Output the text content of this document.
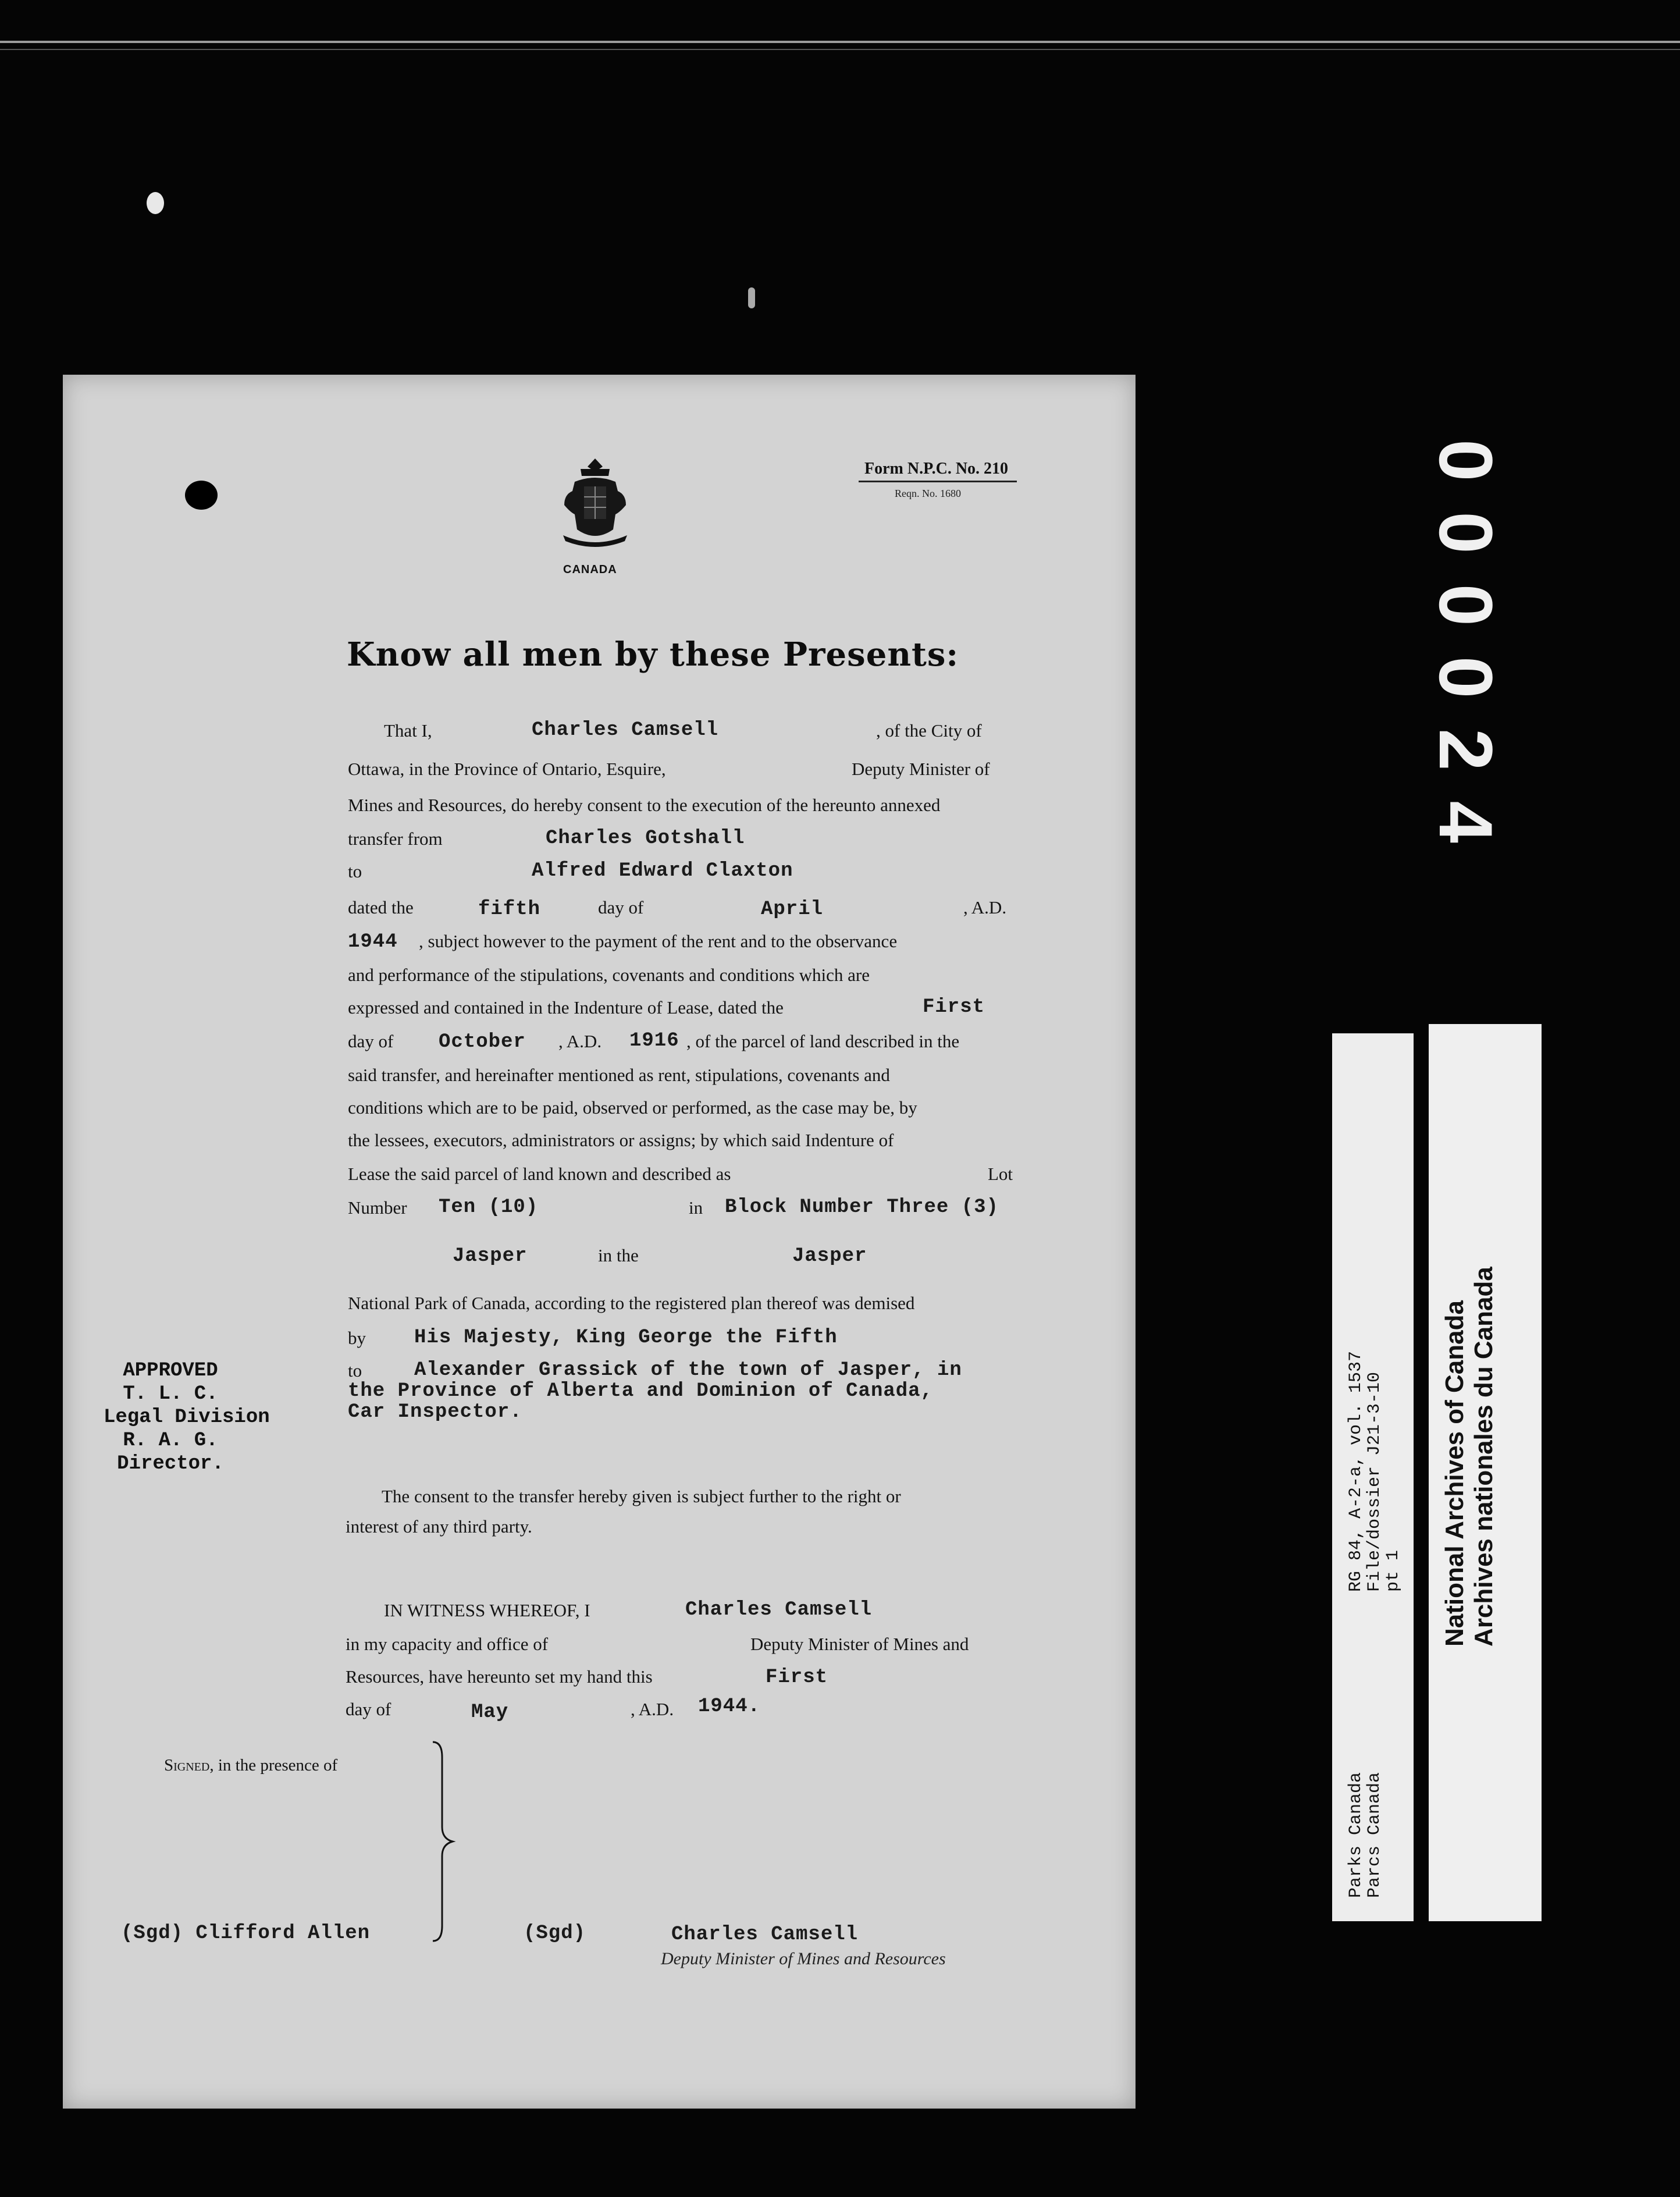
000024
RG 84, A-2-a, vol. 1537
File/dossier J21-3-10
pt 1
Parks Canada
Parcs Canada
National Archives of Canada Archives nationales du Canada
CANADA
Form N.P.C. No. 210
Reqn. No. 1680
Know all men by these Presents:
That I,	Charles Camsell	, of the City of
Ottawa, in the Province of Ontario, Esquire,	Deputy Minister of
Mines and Resources, do hereby consent to the execution of the hereunto annexed
transfer from	Charles Gotshall
to	Alfred Edward Claxton
dated the	fifth	day of	April	, A.D.
1944 , subject however to the payment of the rent and to the observance
and performance of the stipulations, covenants and conditions which are
expressed and contained in the Indenture of Lease, dated the	First
day of October , A.D. 1916 , of the parcel of land described in the
said transfer, and hereinafter mentioned as rent, stipulations, covenants and
conditions which are to be paid, observed or performed, as the case may be, by
the lessees, executors, administrators or assigns; by which said Indenture of
Lease the said parcel of land known and described as	Lot
Number Ten (10)	in Block Number Three (3)
Jasper	in the	Jasper
National Park of Canada, according to the registered plan thereof was demised
by His Majesty, King George the Fifth
to	Alexander Grassick of the town of Jasper, in
the Province of Alberta and Dominion of Canada,
Car Inspector.
APPROVED
T. L. C.
Legal Division
R. A. G.
Director.
The consent to the transfer hereby given is subject further to the right or
interest of any third party.
IN WITNESS WHEREOF, I	Charles Camsell
in my capacity and office of	Deputy Minister of Mines and
Resources, have hereunto set my hand this	First
day of	May	, A.D. 1944.
Signed, in the presence of
(Sgd) Clifford Allen	(Sgd)	Charles Camsell
Deputy Minister of Mines and Resources
